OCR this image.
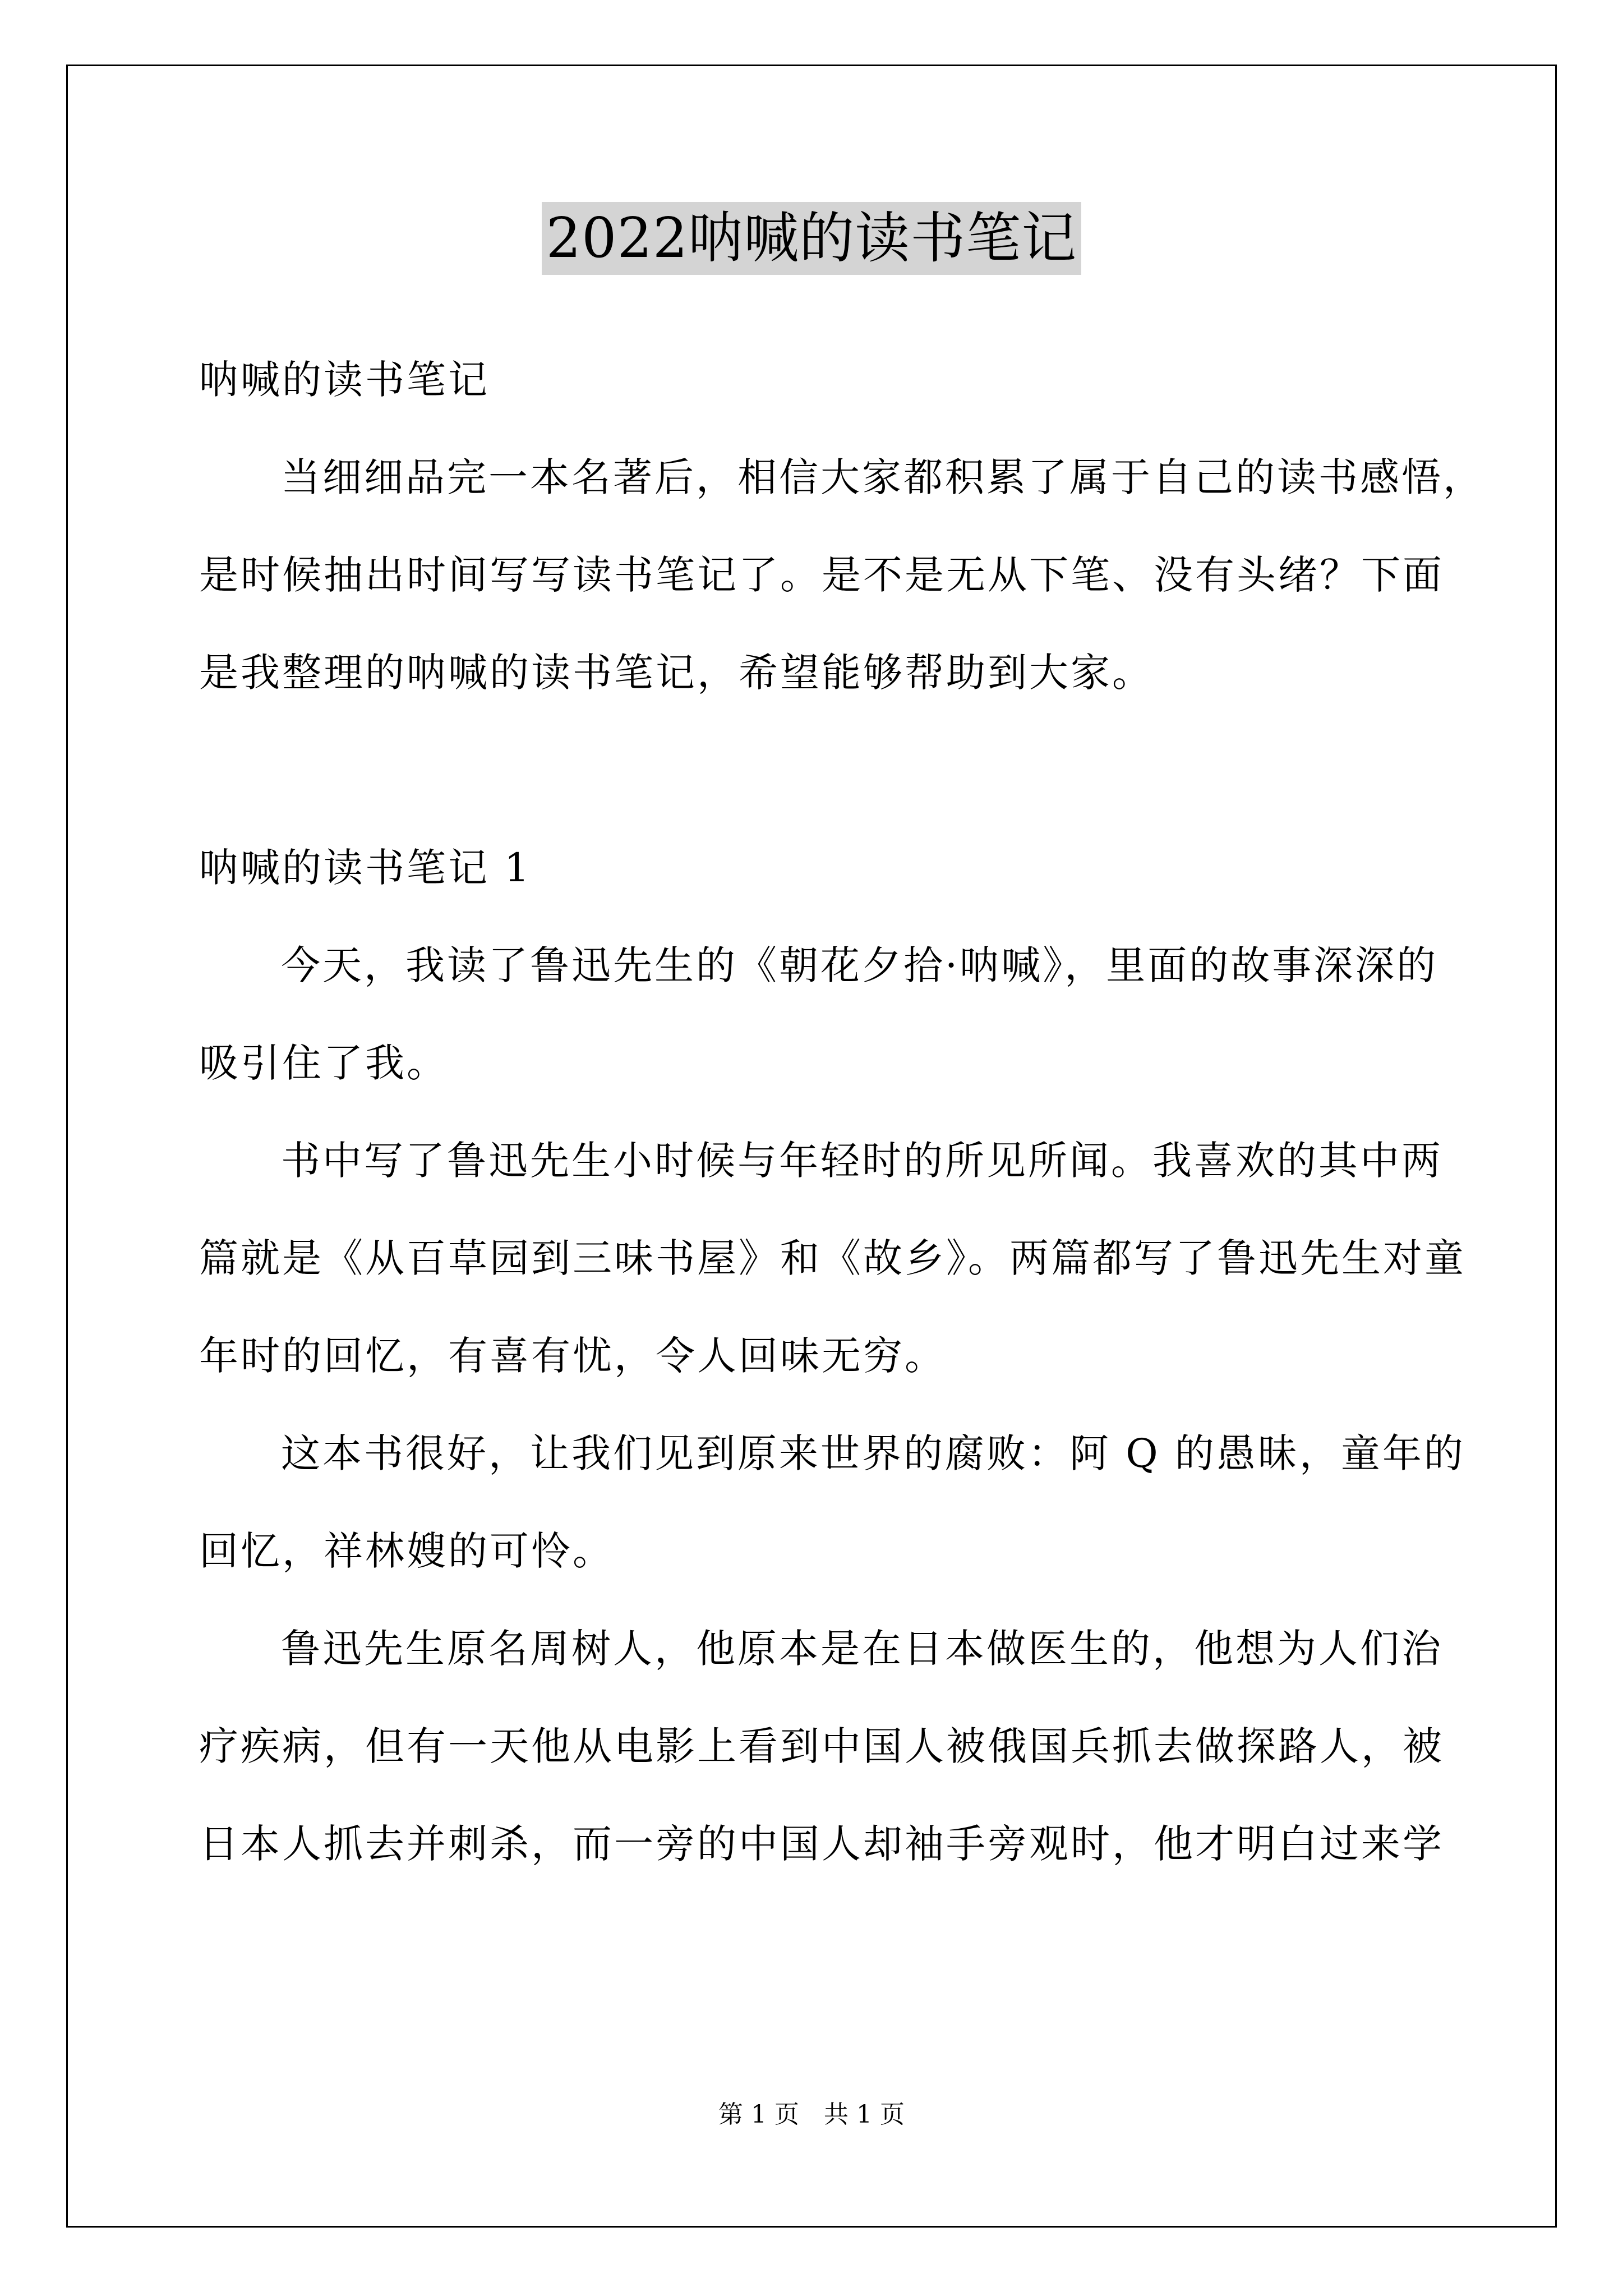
2022呐喊的读书笔记
呐喊的读书笔记
当细细品完一本名著后，相信大家都积累了属于自己的读书感悟，
是时候抽出时间写写读书笔记了。是不是无从下笔、没有头绪？下面
是我整理的呐喊的读书笔记，希望能够帮助到大家。
呐喊的读书笔记 1
今天，我读了鲁迅先生的《朝花夕拾·呐喊》，里面的故事深深的
吸引住了我。
书中写了鲁迅先生小时候与年轻时的所见所闻。我喜欢的其中两
篇就是《从百草园到三味书屋》和《故乡》。两篇都写了鲁迅先生对童
年时的回忆，有喜有忧，令人回味无穷。
这本书很好，让我们见到原来世界的腐败：阿 Q 的愚昧，童年的
回忆，祥林嫂的可怜。
鲁迅先生原名周树人，他原本是在日本做医生的，他想为人们治
疗疾病，但有一天他从电影上看到中国人被俄国兵抓去做探路人，被
日本人抓去并刺杀，而一旁的中国人却袖手旁观时，他才明白过来学
第 1 页　共 1 页
